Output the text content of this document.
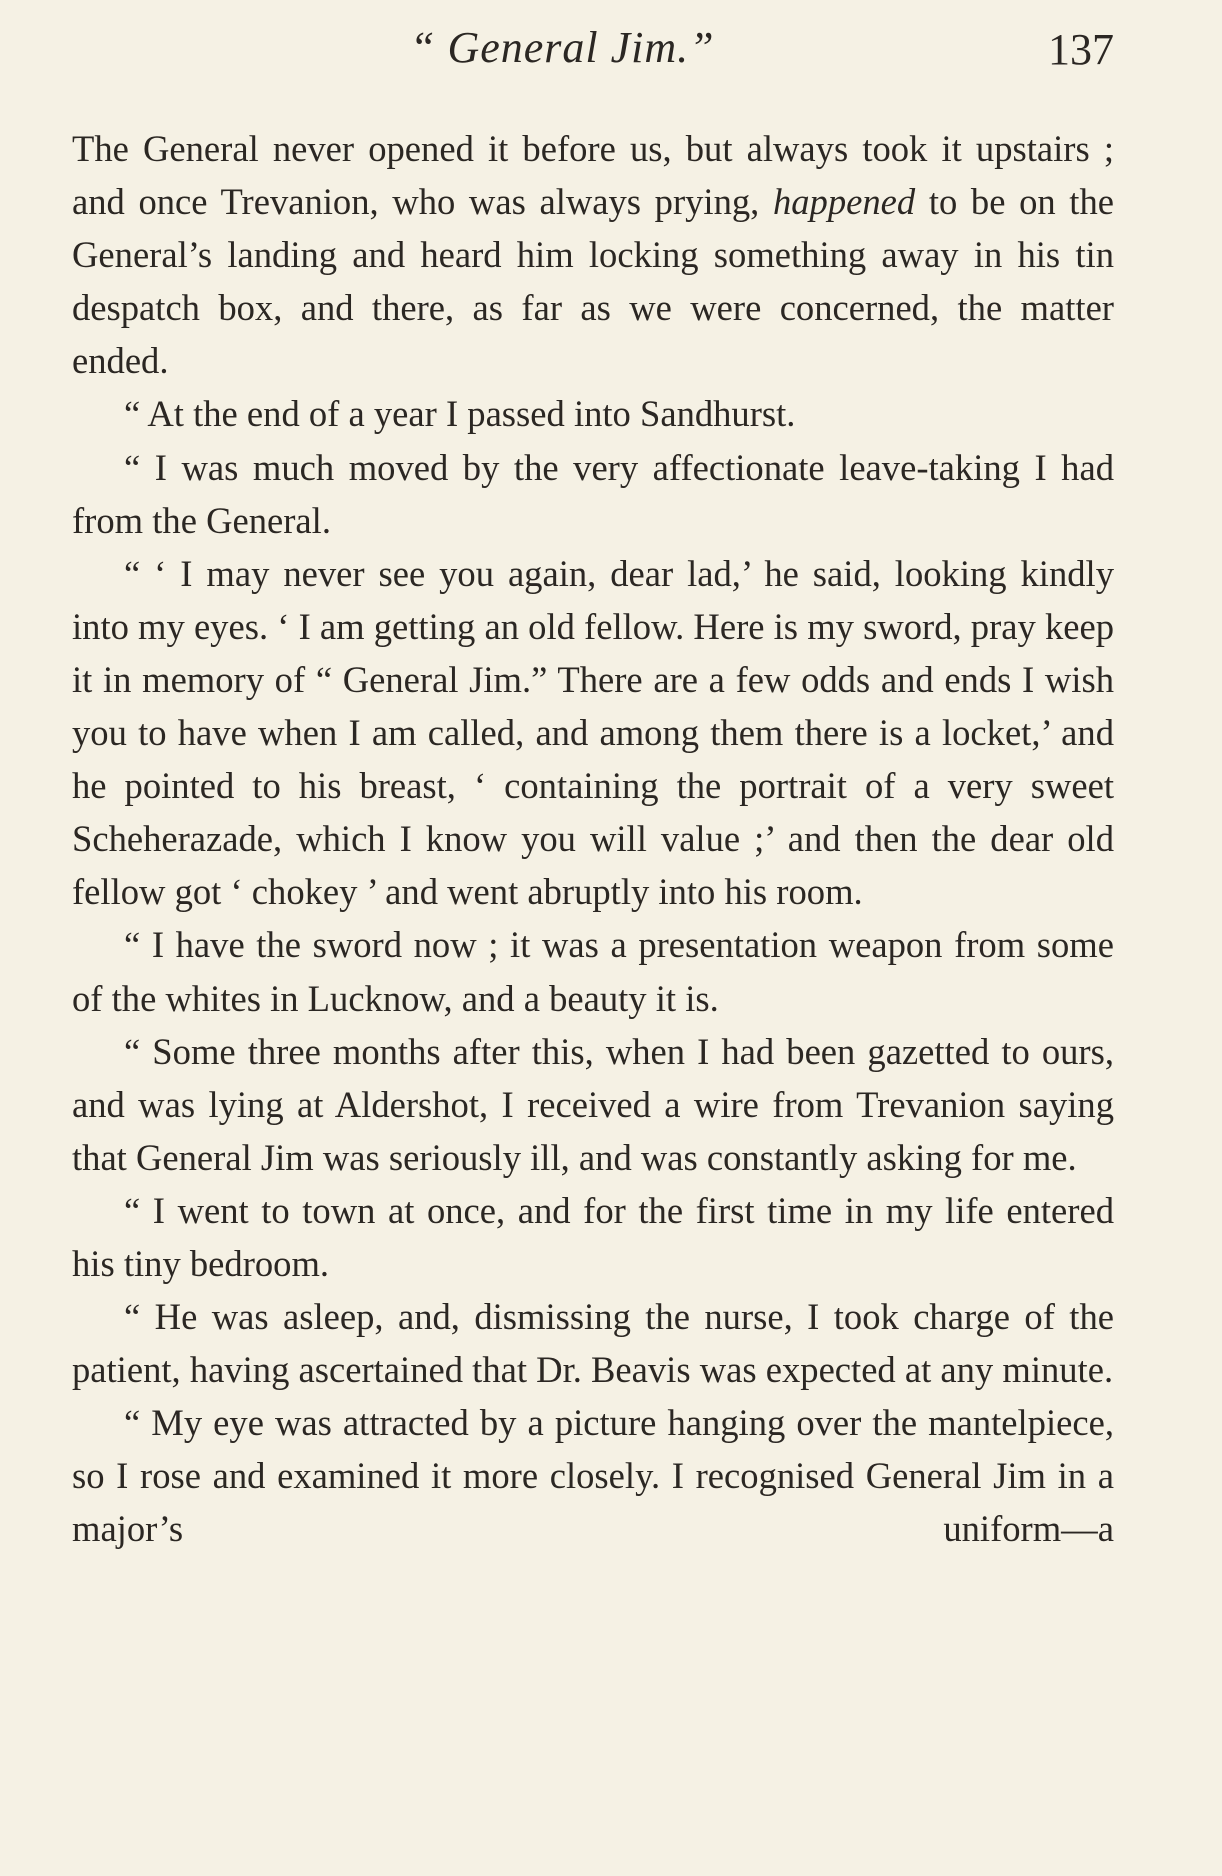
“ General Jim.”	137

The General never opened it before us, but always took it upstairs ; and once Trevanion, who was always prying, happened to be on the General’s landing and heard him locking something away in his tin despatch box, and there, as far as we were concerned, the matter ended.

“ At the end of a year I passed into Sandhurst.

“ I was much moved by the very affectionate leave-taking I had from the General.

“ ‘ I may never see you again, dear lad,’ he said, looking kindly into my eyes. ‘ I am getting an old fellow. Here is my sword, pray keep it in memory of “ General Jim.” There are a few odds and ends I wish you to have when I am called, and among them there is a locket,’ and he pointed to his breast, ‘ containing the portrait of a very sweet Scheherazade, which I know you will value ;’ and then the dear old fellow got ‘ chokey ’ and went abruptly into his room.

“ I have the sword now ; it was a presentation weapon from some of the whites in Lucknow, and a beauty it is.

“ Some three months after this, when I had been gazetted to ours, and was lying at Aldershot, I received a wire from Trevanion saying that General Jim was seriously ill, and was constantly asking for me.

“ I went to town at once, and for the first time in my life entered his tiny bedroom.

“ He was asleep, and, dismissing the nurse, I took charge of the patient, having ascertained that Dr. Beavis was expected at any minute.

“ My eye was attracted by a picture hanging over the mantelpiece, so I rose and examined it more closely. I recognised General Jim in a major’s uniform—a
